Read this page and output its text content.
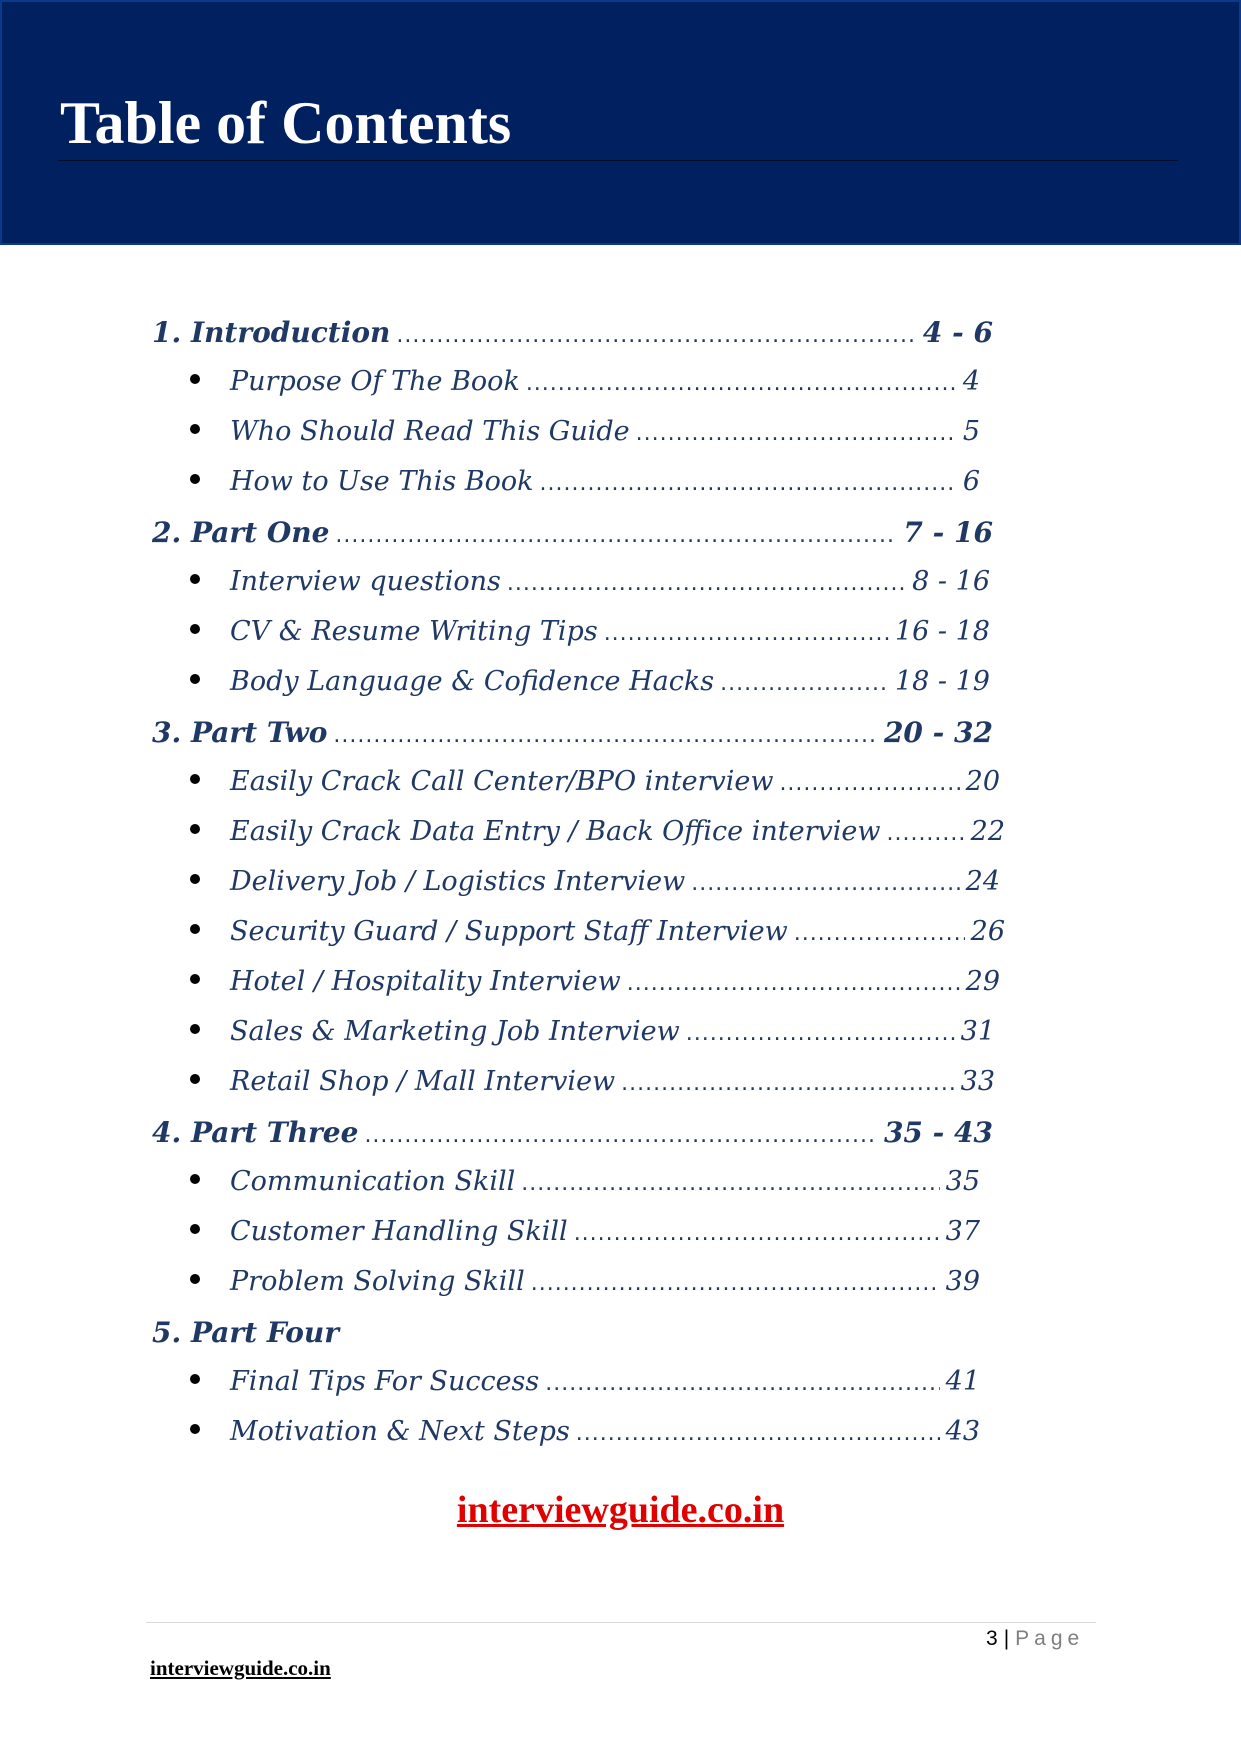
Table of Contents
1. Introduction .....	4 - 6
Purpose Of The Book .....	4
Who Should Read This Guide .....	5
How to Use This Book .....	6
2. Part One .....	7 - 16
Interview questions .....	8 - 16
CV & Resume Writing Tips .....	16 - 18
Body Language & Cofidence Hacks .....	18 - 19
3. Part Two .....	20 - 32
Easily Crack Call Center/BPO interview .....	20
Easily Crack Data Entry / Back Office interview .....	22
Delivery Job / Logistics Interview .....	24
Security Guard / Support Staff Interview .....	26
Hotel / Hospitality Interview .....	29
Sales & Marketing Job Interview .....	31
Retail Shop / Mall Interview .....	33
4. Part Three .....	35 - 43
Communication Skill .....	35
Customer Handling Skill .....	37
Problem Solving Skill .....	39
5. Part Four
Final Tips For Success .....	41
Motivation & Next Steps .....	43
interviewguide.co.in
3 | Page
interviewguide.co.in
